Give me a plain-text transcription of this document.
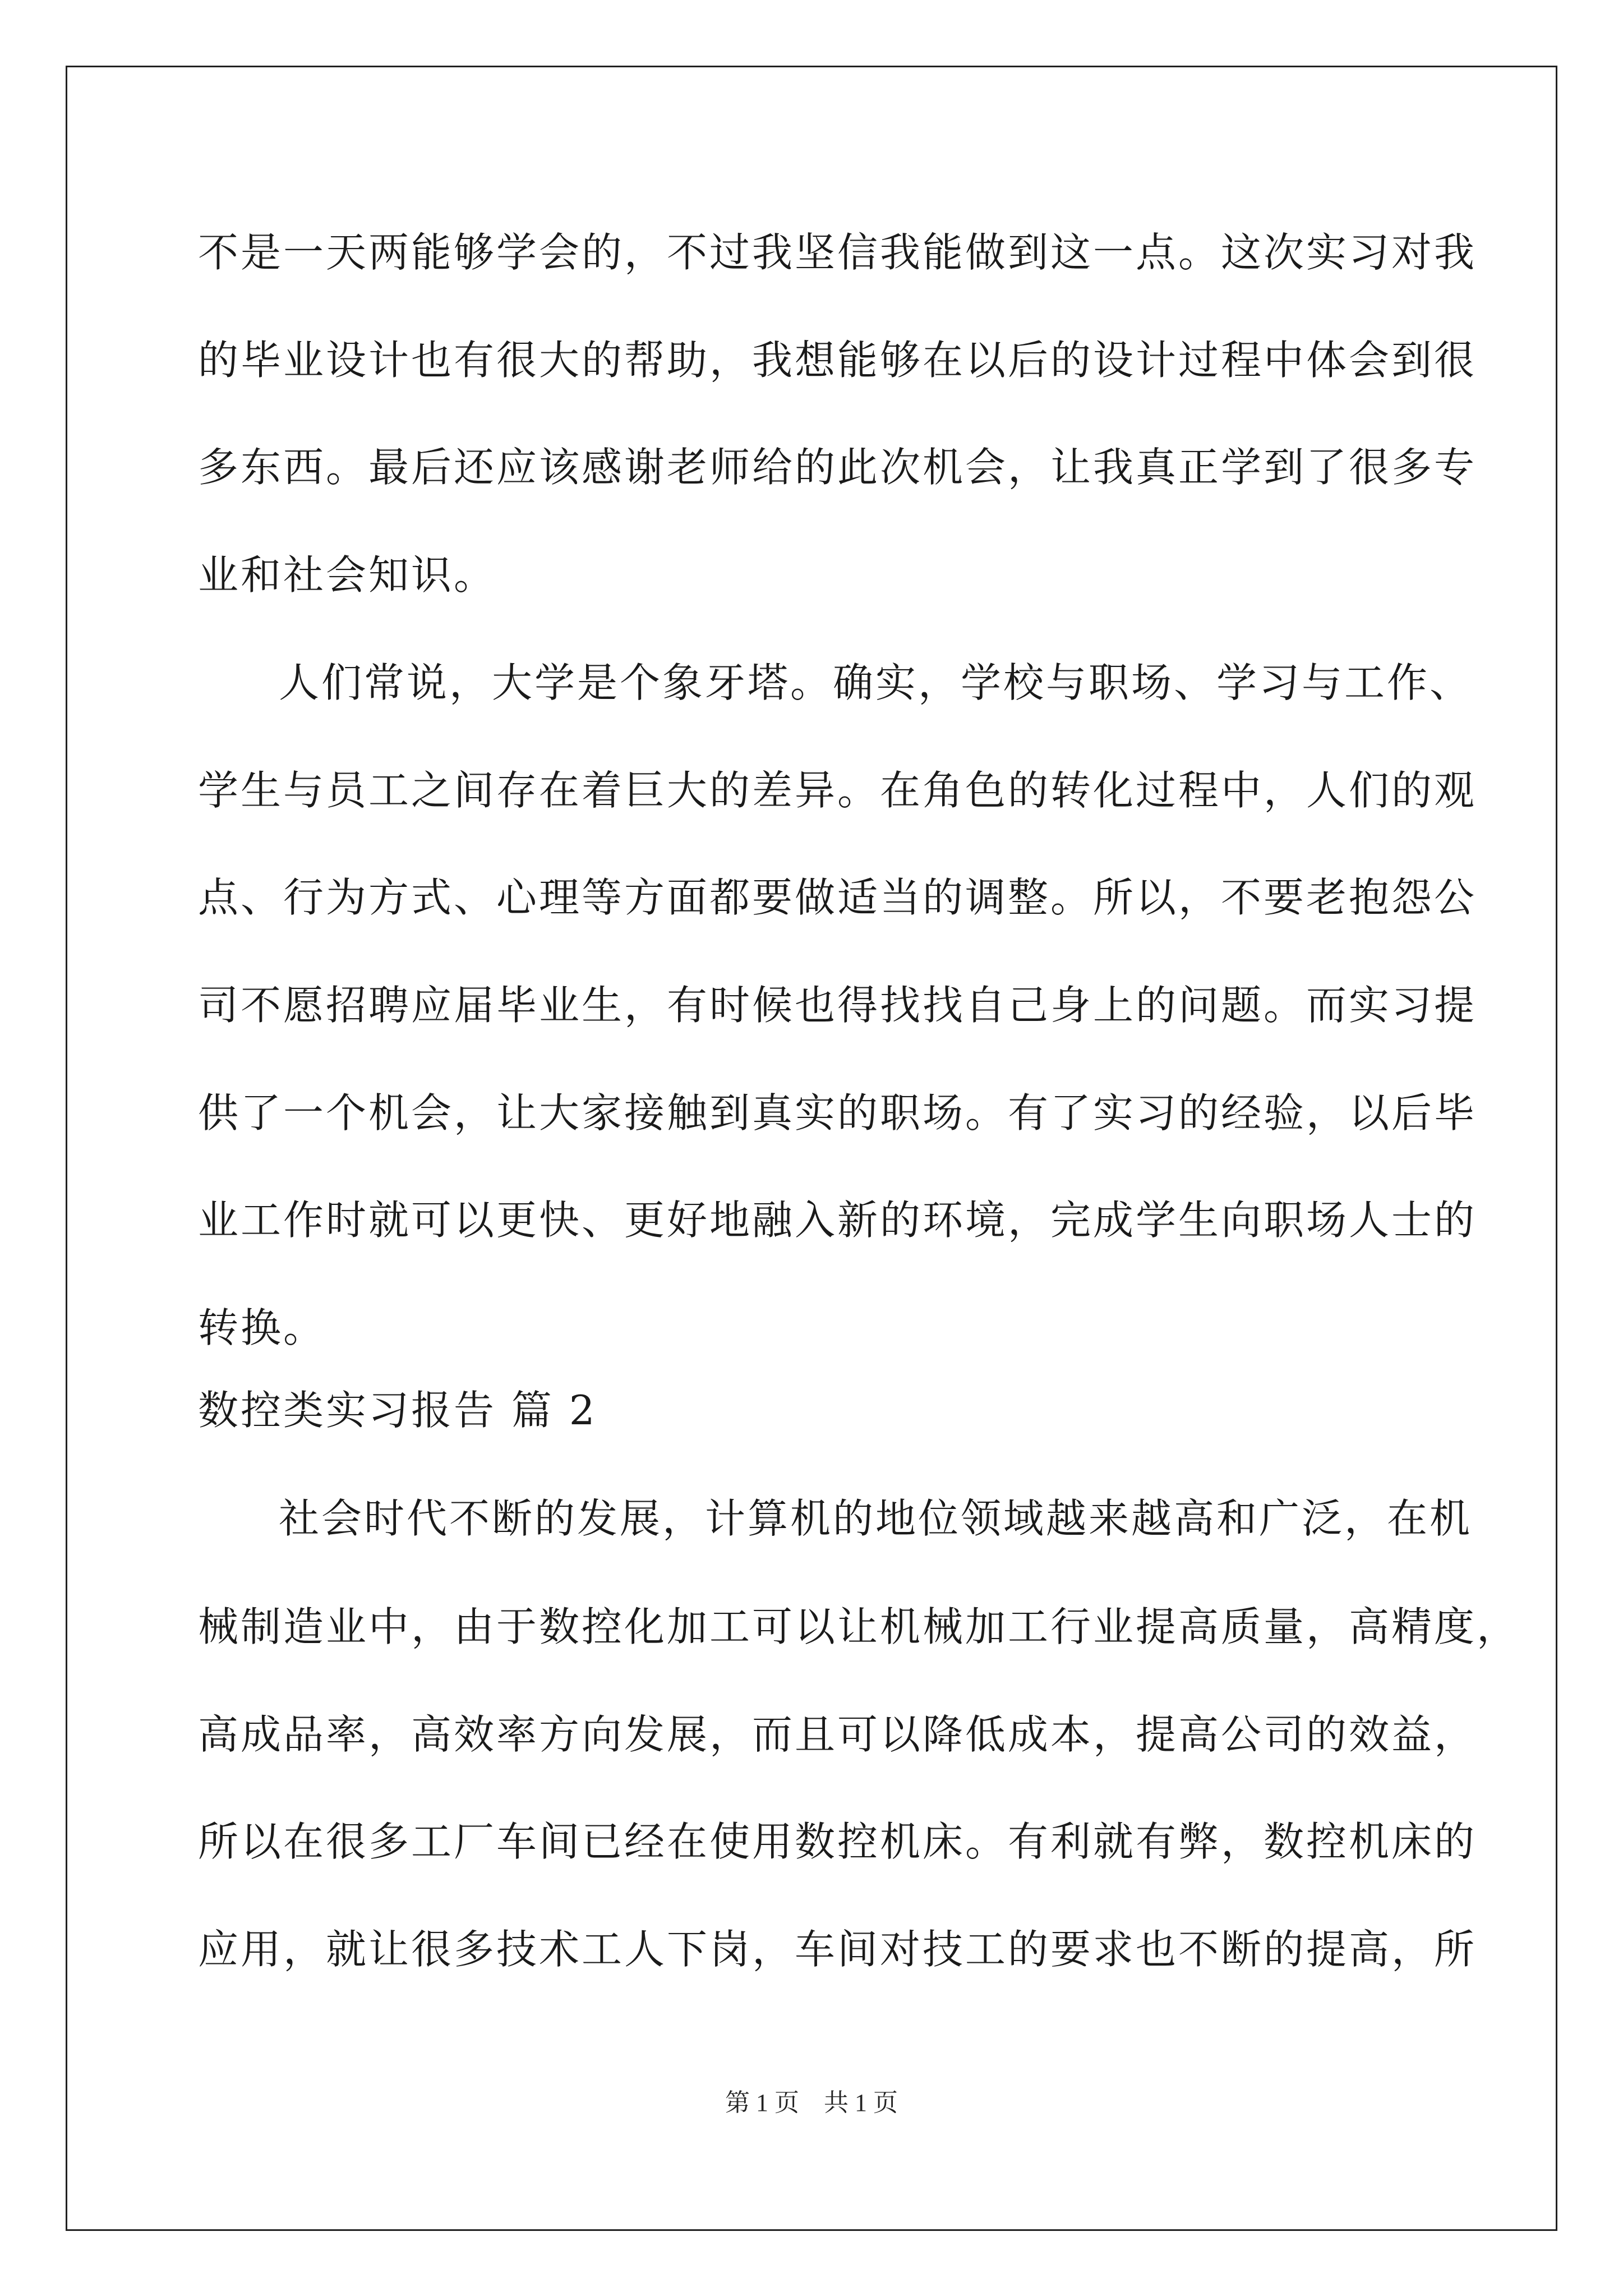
不是一天两能够学会的，不过我坚信我能做到这一点。这次实习对我
的毕业设计也有很大的帮助，我想能够在以后的设计过程中体会到很
多东西。最后还应该感谢老师给的此次机会，让我真正学到了很多专
业和社会知识。
人们常说，大学是个象牙塔。确实，学校与职场、学习与工作、
学生与员工之间存在着巨大的差异。在角色的转化过程中，人们的观
点、行为方式、心理等方面都要做适当的调整。所以，不要老抱怨公
司不愿招聘应届毕业生，有时候也得找找自己身上的问题。而实习提
供了一个机会，让大家接触到真实的职场。有了实习的经验，以后毕
业工作时就可以更快、更好地融入新的环境，完成学生向职场人士的
转换。
数控类实习报告 篇 2
社会时代不断的发展，计算机的地位领域越来越高和广泛，在机
械制造业中，由于数控化加工可以让机械加工行业提高质量，高精度，
高成品率，高效率方向发展，而且可以降低成本，提高公司的效益，
所以在很多工厂车间已经在使用数控机床。有利就有弊，数控机床的
应用，就让很多技术工人下岗，车间对技工的要求也不断的提高，所
第 1 页    共 1 页
